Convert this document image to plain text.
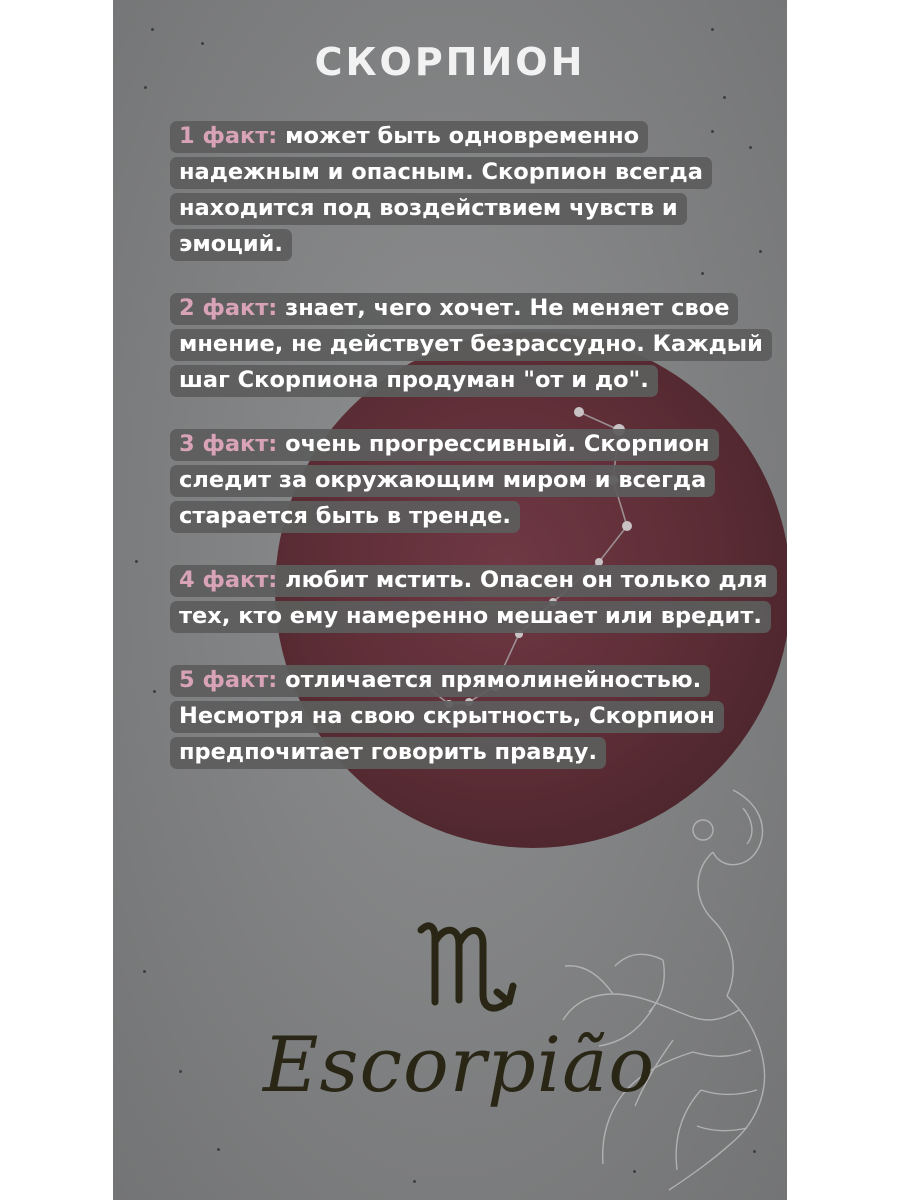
СКОРПИОН

1 факт: может быть одновременно надежным и опасным. Скорпион всегда находится под воздействием чувств и эмоций.

2 факт: знает, чего хочет. Не меняет свое мнение, не действует безрассудно. Каждый шаг Скорпиона продуман "от и до".

3 факт: очень прогрессивный. Скорпион следит за окружающим миром и всегда старается быть в тренде.

4 факт: любит мстить. Опасен он только для тех, кто ему намеренно мешает или вредит.

5 факт: отличается прямолинейностью. Несмотря на свою скрытность, Скорпион предпочитает говорить правду.

Escorpião
